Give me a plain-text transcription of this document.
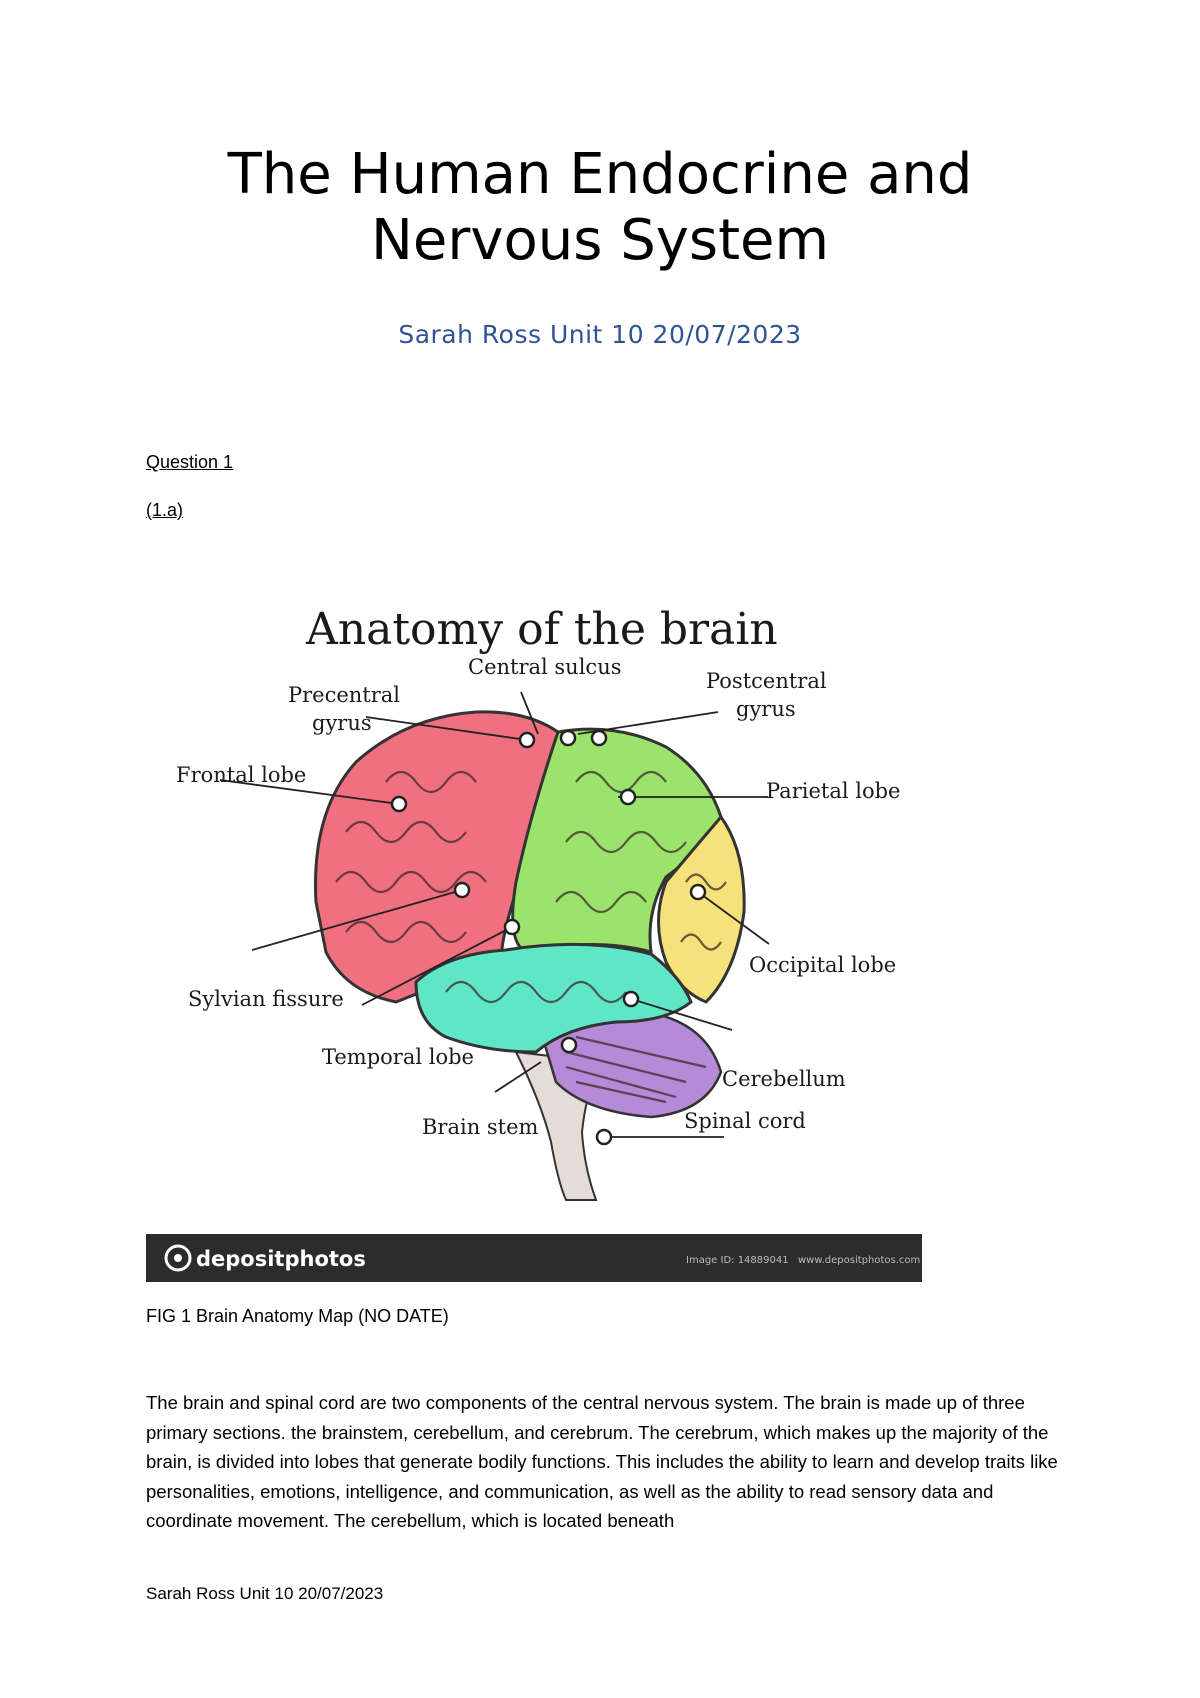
The Human Endocrine and
Nervous System
Sarah Ross Unit 10 20/07/2023
Question 1
(1.a)
Anatomy of the brain
Central sulcus
Precentral
gyrus
Postcentral
gyrus
Frontal lobe
Parietal lobe
Occipital lobe
Sylvian fissure
Temporal lobe
Cerebellum
Spinal cord
Brain stem
depositphotos	Image ID: 14889041 www.depositphotos.com
FIG 1 Brain Anatomy Map (NO DATE)

The brain and spinal cord are two components of the central nervous system. The brain is made up of three primary sections. the brainstem, cerebellum, and cerebrum. The cerebrum, which makes up the majority of the brain, is divided into lobes that generate bodily functions. This includes the ability to learn and develop traits like personalities, emotions, intelligence, and communication, as well as the ability to read sensory data and coordinate movement. The cerebellum, which is located beneath

Sarah Ross Unit 10 20/07/2023
